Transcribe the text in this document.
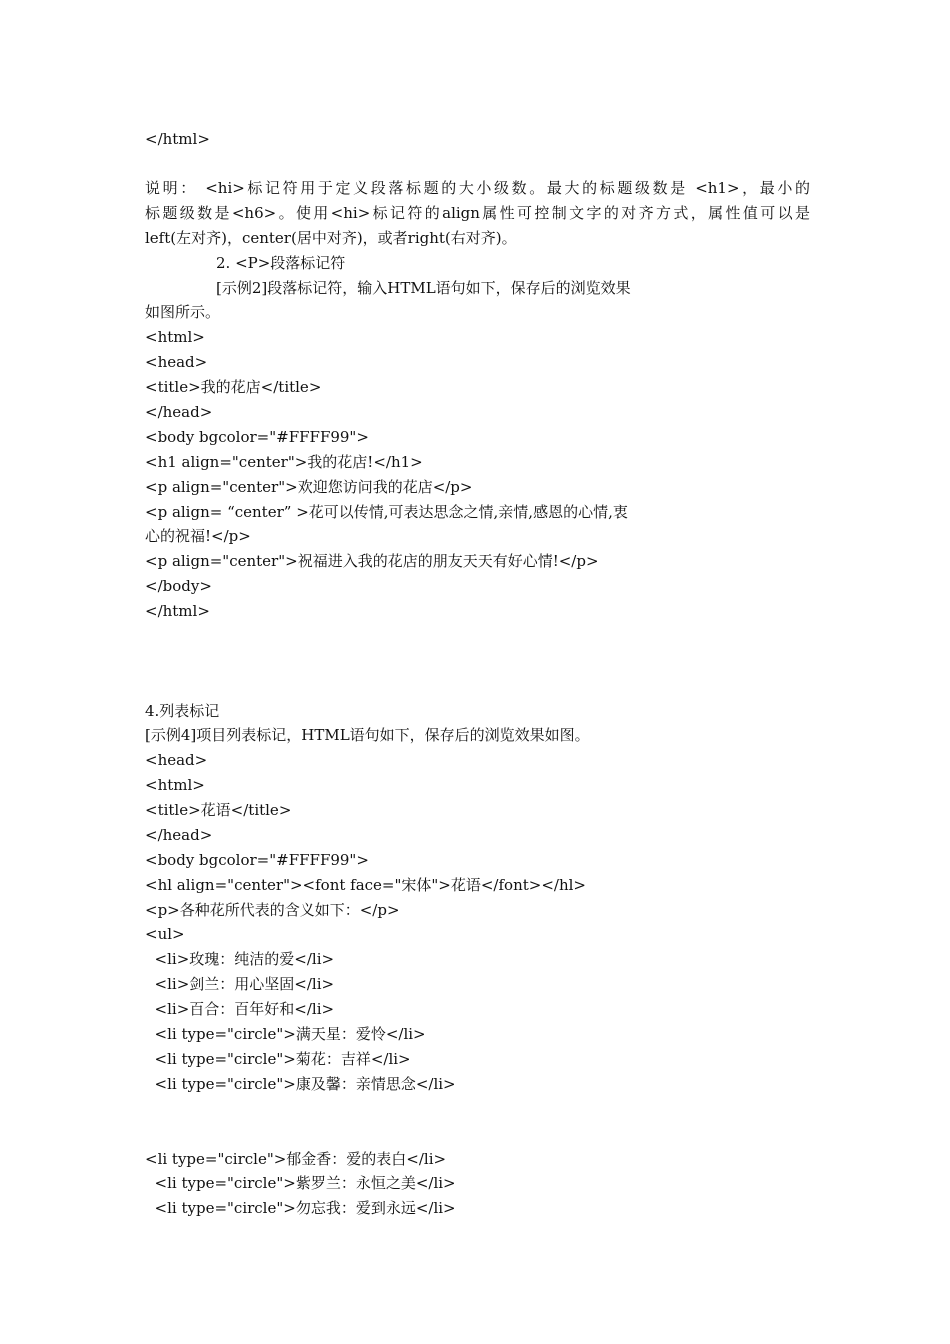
</html>
说明： <hi>标记符用于定义段落标题的大小级数。最大的标题级数是 <h1>，最小的
标题级数是<h6>。使用<hi>标记符的align属性可控制文字的对齐方式，属性值可以是
left(左对齐)，center(居中对齐)，或者right(右对齐)。
2. <P>段落标记符
[示例2]段落标记符，输入HTML语句如下，保存后的浏览效果
如图所示。
<html>
<head>
<title>我的花店</title>
</head>
<body bgcolor="#FFFF99">
<h1 align="center">我的花店!</h1>
<p align="center">欢迎您访问我的花店</p>
<p align= “center” >花可以传情,可表达思念之情,亲情,感恩的心情,衷
心的祝福!</p>
<p align="center">祝福进入我的花店的朋友天天有好心情!</p>
</body>
</html>
4.列表标记
[示例4]项目列表标记，HTML语句如下，保存后的浏览效果如图。
<head>
<html>
<title>花语</title>
</head>
<body bgcolor="#FFFF99">
<hl align="center"><font face="宋体">花语</font></hl>
<p>各种花所代表的含义如下：</p>
<ul>
<li>玫瑰：纯洁的爱</li>
<li>剑兰：用心坚固</li>
<li>百合：百年好和</li>
<li type="circle">满天星：爱怜</li>
<li type="circle">菊花：吉祥</li>
<li type="circle">康及馨：亲情思念</li>
<li type="circle">郁金香：爱的表白</li>
<li type="circle">紫罗兰：永恒之美</li>
<li type="circle">勿忘我：爱到永远</li>
